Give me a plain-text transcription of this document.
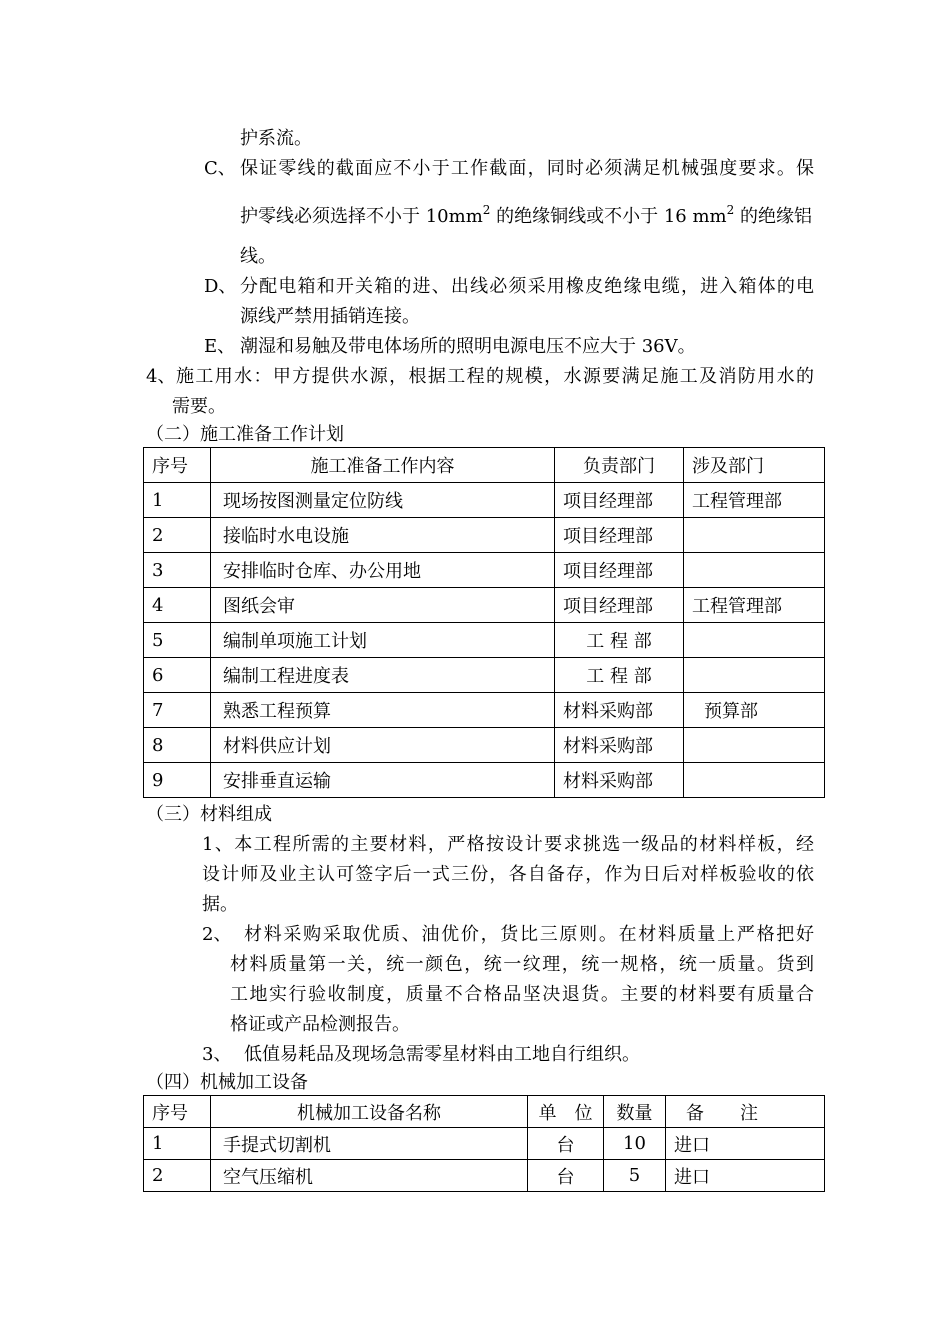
护系流。
C、 保证零线的截面应不小于工作截面，同时必须满足机械强度要求。保
护零线必须选择不小于 $10mm^2$ 的绝缘铜线或不小于 16 $mm^2$ 的绝缘铝
线。
D、 分配电箱和开关箱的进、出线必须采用橡皮绝缘电缆，进入箱体的电
源线严禁用插销连接。
E、 潮湿和易触及带电体场所的照明电源电压不应大于 36V。
4、 施工用水：甲方提供水源，根据工程的规模，水源要满足施工及消防用水的
需要。
（二）施工准备工作计划
序号	施工准备工作内容	负责部门	涉及部门
1	现场按图测量定位防线	项目经理部	工程管理部
2	接临时水电设施	项目经理部	
3	安排临时仓库、办公用地	项目经理部	
4	图纸会审	项目经理部	工程管理部
5	编制单项施工计划	工 程 部	
6	编制工程进度表	工 程 部	
7	熟悉工程预算	材料采购部	预算部
8	材料供应计划	材料采购部	
9	安排垂直运输	材料采购部	
（三）材料组成
1、本工程所需的主要材料，严格按设计要求挑选一级品的材料样板，经
设计师及业主认可签字后一式三份，各自备存，作为日后对样板验收的依
据。
2、 材料采购采取优质、油优价，货比三原则。在材料质量上严格把好
材料质量第一关，统一颜色，统一纹理，统一规格，统一质量。货到
工地实行验收制度，质量不合格品坚决退货。主要的材料要有质量合
格证或产品检测报告。
3、 低值易耗品及现场急需零星材料由工地自行组织。
（四）机械加工设备
序号	机械加工设备名称	单　位	数量	备　　注
1	手提式切割机	台	10	进口
2	空气压缩机	台	5	进口
